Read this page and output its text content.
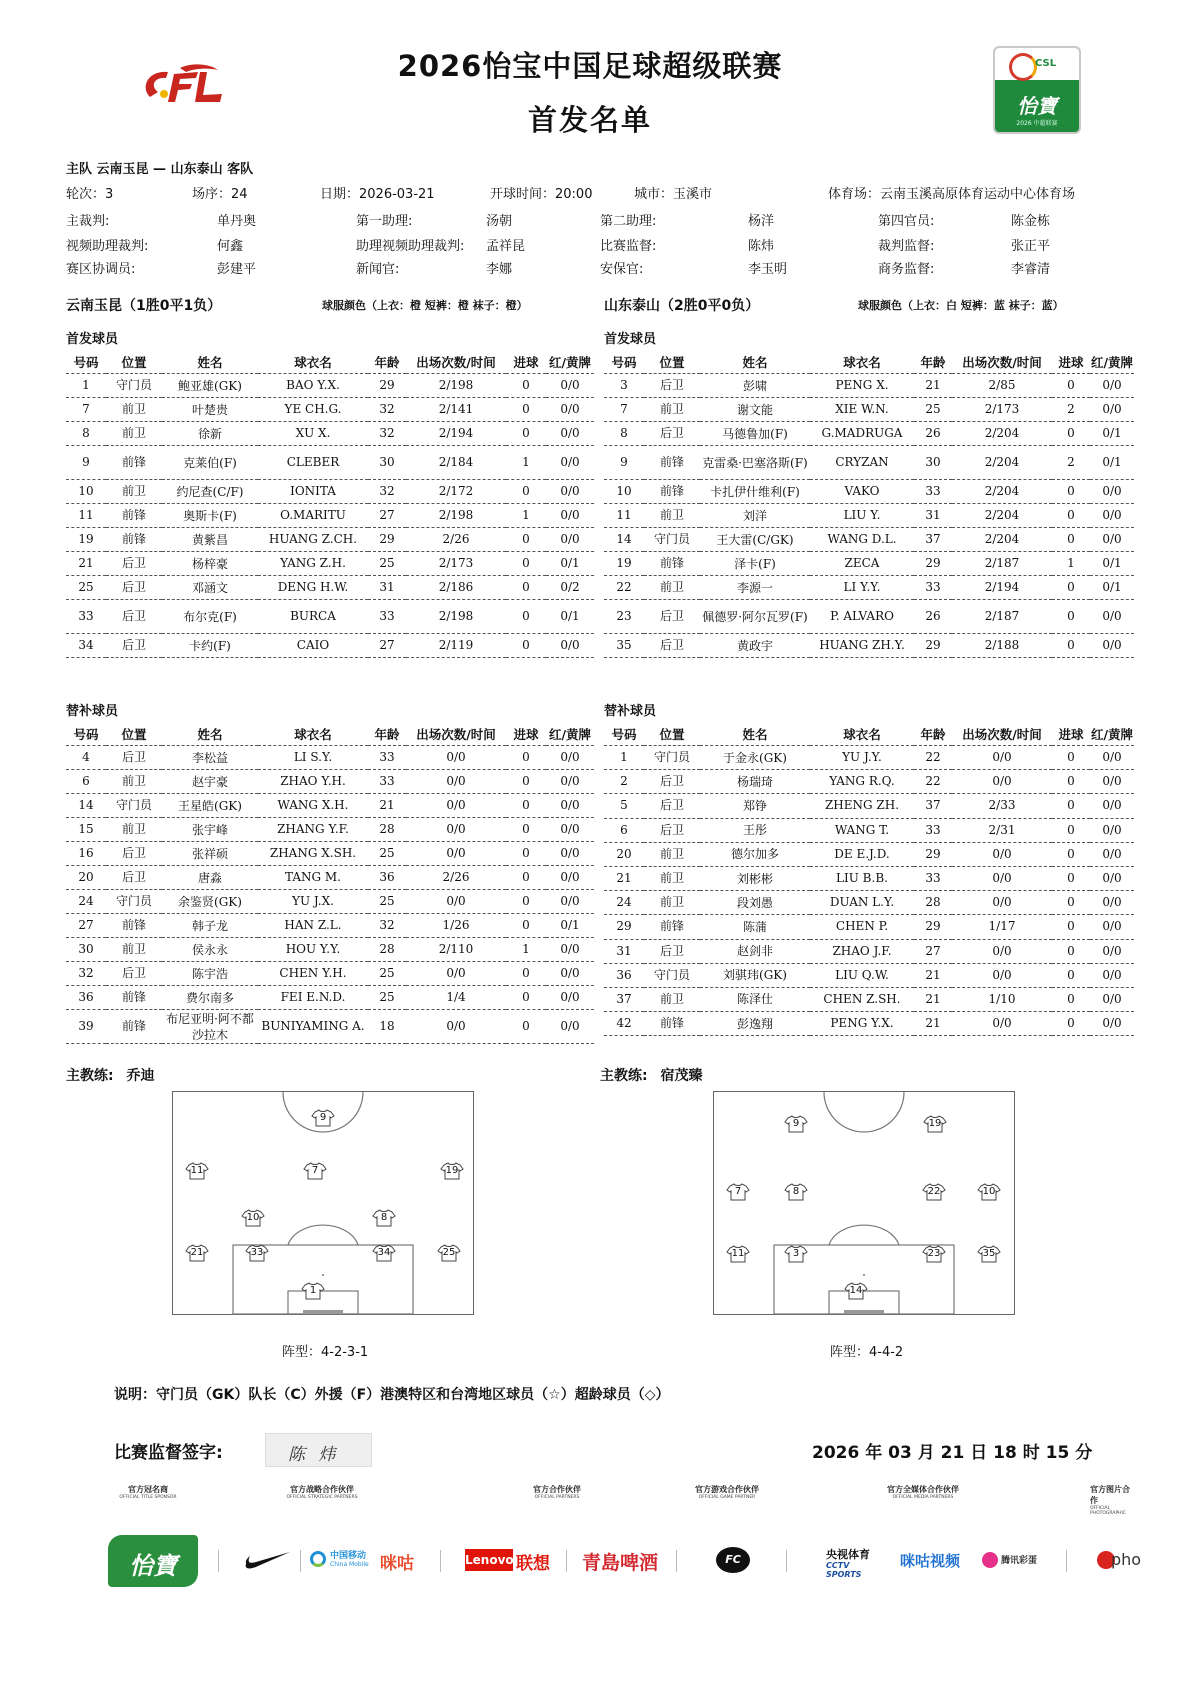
2026怡宝中国足球超级联赛
首发名单
CSL
怡寶
2026 中超联赛
主队 云南玉昆 — 山东泰山 客队
轮次：3	场序：24	日期：2026-03-21	开球时间：20:00	城市：玉溪市	体育场：云南玉溪高原体育运动中心体育场
主裁判:	单丹奥	第一助理:	汤朝	第二助理:	杨洋	第四官员:	陈金栋
视频助理裁判:	何鑫	助理视频助理裁判: 孟祥昆	比赛监督:	陈炜	裁判监督:	张正平
赛区协调员:	彭建平	新闻官:	李娜	安保官:	李玉明	商务监督:	李睿清
云南玉昆（1胜0平1负）	球服颜色（上衣：橙 短裤：橙 袜子：橙）	山东泰山（2胜0平0负）	球服颜色（上衣：白 短裤：蓝 袜子：蓝）
首发球员	首发球员
号码	位置	姓名	球衣名	年龄	出场次数/时间	进球	红/黄牌
1	守门员	鲍亚雄(GK)	BAO Y.X.	29	2/198	0	0/0
7	前卫	叶楚贵	YE CH.G.	32	2/141	0	0/0
8	前卫	徐新	XU X.	32	2/194	0	0/0
9	前锋	克莱伯(F)	CLEBER	30	2/184	1	0/0
10	前卫	约尼查(C/F)	IONITA	32	2/172	0	0/0
11	前锋	奥斯卡(F)	O.MARITU	27	2/198	1	0/0
19	前锋	黄紫昌	HUANG Z.CH.	29	2/26	0	0/0
21	后卫	杨梓豪	YANG Z.H.	25	2/173	0	0/1
25	后卫	邓涵文	DENG H.W.	31	2/186	0	0/2
33	后卫	布尔克(F)	BURCA	33	2/198	0	0/1
34	后卫	卡约(F)	CAIO	27	2/119	0	0/0
号码	位置	姓名	球衣名	年龄	出场次数/时间	进球	红/黄牌
3	后卫	彭啸	PENG X.	21	2/85	0	0/0
7	前卫	谢文能	XIE W.N.	25	2/173	2	0/0
8	后卫	马德鲁加(F)	G.MADRUGA	26	2/204	0	0/1
9	前锋	克雷桑·巴塞洛斯(F)	CRYZAN	30	2/204	2	0/1
10	前锋	卡扎伊什维利(F)	VAKO	33	2/204	0	0/0
11	前卫	刘洋	LIU Y.	31	2/204	0	0/0
14	守门员	王大雷(C/GK)	WANG D.L.	37	2/204	0	0/0
19	前锋	泽卡(F)	ZECA	29	2/187	1	0/1
22	前卫	李源一	LI Y.Y.	33	2/194	0	0/1
23	后卫	佩德罗·阿尔瓦罗(F)	P. ALVARO	26	2/187	0	0/0
35	后卫	黄政宇	HUANG ZH.Y.	29	2/188	0	0/0
替补球员	替补球员
号码	位置	姓名	球衣名	年龄	出场次数/时间	进球	红/黄牌
4	后卫	李松益	LI S.Y.	33	0/0	0	0/0
6	前卫	赵宇豪	ZHAO Y.H.	33	0/0	0	0/0
14	守门员	王星皓(GK)	WANG X.H.	21	0/0	0	0/0
15	前卫	张宇峰	ZHANG Y.F.	28	0/0	0	0/0
16	后卫	张祥硕	ZHANG X.SH.	25	0/0	0	0/0
20	后卫	唐淼	TANG M.	36	2/26	0	0/0
24	守门员	余鉴贤(GK)	YU J.X.	25	0/0	0	0/0
27	前锋	韩子龙	HAN Z.L.	32	1/26	0	0/1
30	前卫	侯永永	HOU Y.Y.	28	2/110	1	0/0
32	后卫	陈宇浩	CHEN Y.H.	25	0/0	0	0/0
36	前锋	费尔南多	FEI E.N.D.	25	1/4	0	0/0
39	前锋	布尼亚明·阿不都沙拉木	BUNIYAMING A.	18	0/0	0	0/0
号码	位置	姓名	球衣名	年龄	出场次数/时间	进球	红/黄牌
1	守门员	于金永(GK)	YU J.Y.	22	0/0	0	0/0
2	后卫	杨瑞琦	YANG R.Q.	22	0/0	0	0/0
5	后卫	郑铮	ZHENG ZH.	37	2/33	0	0/0
6	后卫	王彤	WANG T.	33	2/31	0	0/0
20	前卫	德尔加多	DE E.J.D.	29	0/0	0	0/0
21	前卫	刘彬彬	LIU B.B.	33	0/0	0	0/0
24	前卫	段刘愚	DUAN L.Y.	28	0/0	0	0/0
29	前锋	陈蒲	CHEN P.	29	1/17	0	0/0
31	后卫	赵剑非	ZHAO J.F.	27	0/0	0	0/0
36	守门员	刘骐玮(GK)	LIU Q.W.	21	0/0	0	0/0
37	前卫	陈泽仕	CHEN Z.SH.	21	1/10	0	0/0
42	前锋	彭逸翔	PENG Y.X.	21	0/0	0	0/0
主教练: 乔迪	主教练: 宿茂臻
9
11	7	19
10	8
21	33	34	25
1
9	19
7	8	22	10
11	3	23	35
14
阵型：4-2-3-1	阵型：4-4-2
说明：守门员（GK）队长（C）外援（F）港澳特区和台湾地区球员（☆）超龄球员（◇）
比赛监督签字:	陈 炜	2026 年 03 月 21 日 18 时 15 分
官方冠名商
OFFICIAL TITLE SPONSOR
官方战略合作伙伴
OFFICIAL STRATEGIC PARTNERS
官方合作伙伴
OFFICIAL PARTNERS
官方游戏合作伙伴
OFFICIAL GAME PARTNER
官方全媒体合作伙伴
OFFICIAL MEDIA PARTNERS
官方图片合作
OFFICIAL PHOTOGRAPHIC
怡寶	中国移动
China Mobile 咪咕	Lenovo 联想 青島啤酒	FC	央视体育
CCTV SPORTS
咪咕视频	腾讯彩蛋	pho
